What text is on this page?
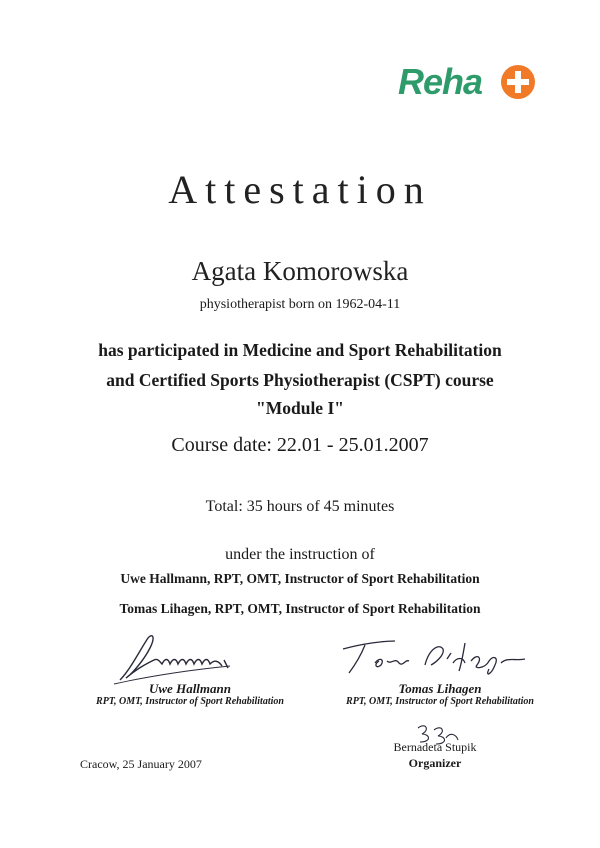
Reha
Attestation
Agata Komorowska
physiotherapist born on 1962-04-11
has participated in Medicine and Sport Rehabilitation
and Certified Sports Physiotherapist (CSPT) course
"Module I"
Course date: 22.01 - 25.01.2007
Total: 35 hours of 45 minutes
under the instruction of
Uwe Hallmann, RPT, OMT, Instructor of Sport Rehabilitation
Tomas Lihagen, RPT, OMT, Instructor of Sport Rehabilitation
Uwe Hallmann
RPT, OMT, Instructor of Sport Rehabilitation
Tomas Lihagen
RPT, OMT, Instructor of Sport Rehabilitation
Bernadeta Stupik
Organizer
Cracow, 25 January 2007
